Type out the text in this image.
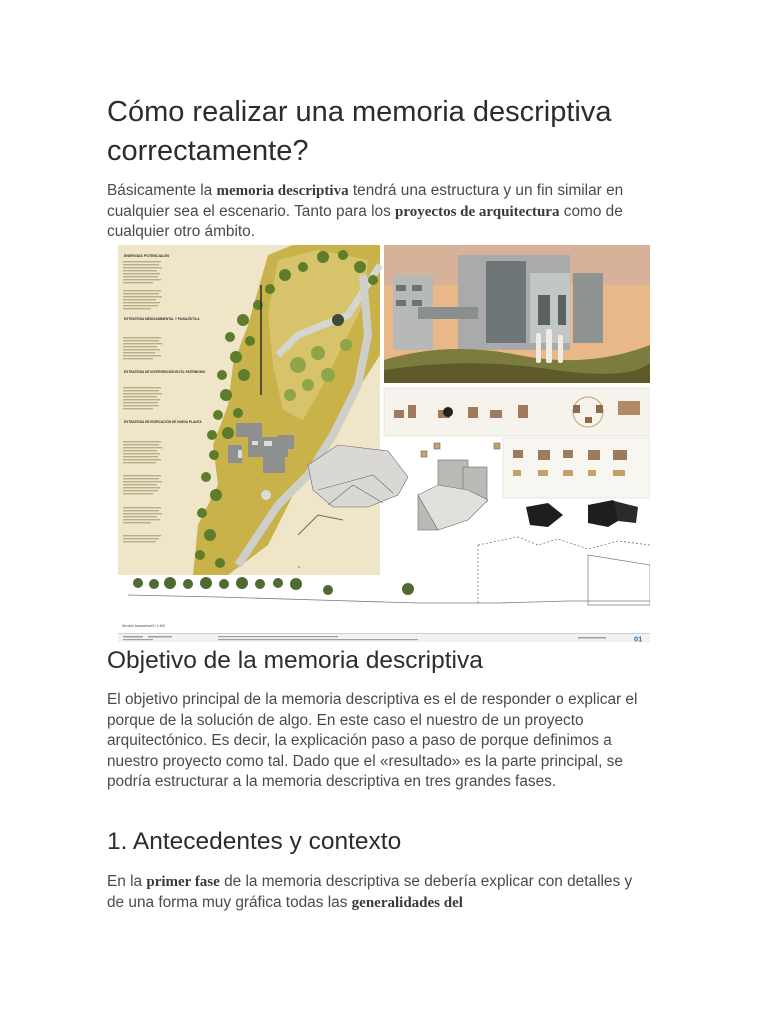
Cómo realizar una memoria descriptiva correctamente?

Básicamente la memoria descriptiva tendrá una estructura y un fin similar en cualquier sea el escenario. Tanto para los proyectos de arquitectura como de cualquier otro ámbito.

ENERGÍAS POTENCIALES
ESTRATEGIA MEDIOAMBIENTAL Y PAISAJÍSTICA
ESTRATEGIA DE INTERVENCIÓN EN EL PATRIMONIO
ESTRATEGIA DE EDIFICACIÓN DE NUEVA PLANTA
N
Sección transversal E: 1:400
01
Objetivo de la memoria descriptiva

El objetivo principal de la memoria descriptiva es el de responder o explicar el porque de la solución de algo. En este caso el nuestro de un proyecto arquitectónico. Es decir, la explicación paso a paso de porque definimos a nuestro proyecto como tal. Dado que el «resultado» es la parte principal, se podría estructurar a la memoria descriptiva en tres grandes fases.

1. Antecedentes y contexto

En la primer fase de la memoria descriptiva se debería explicar con detalles y de una forma muy gráfica todas las generalidades del
